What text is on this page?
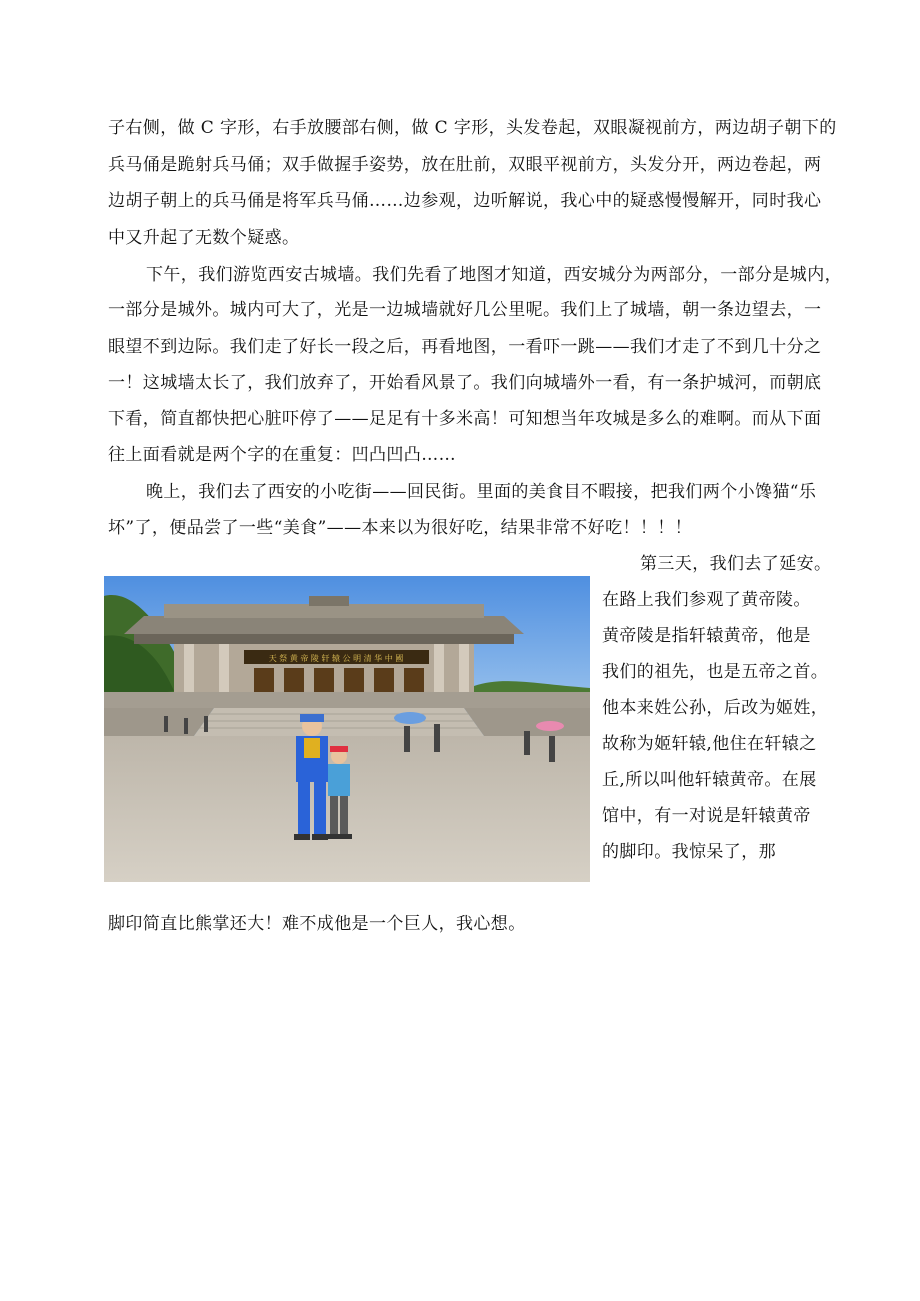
子右侧，做 C 字形，右手放腰部右侧，做 C 字形，头发卷起，双眼凝视前方，两边胡子朝下的
兵马俑是跪射兵马俑；双手做握手姿势，放在肚前，双眼平视前方，头发分开，两边卷起，两
边胡子朝上的兵马俑是将军兵马俑……边参观，边听解说，我心中的疑惑慢慢解开，同时我心
中又升起了无数个疑惑。
下午，我们游览西安古城墙。我们先看了地图才知道，西安城分为两部分，一部分是城内，
一部分是城外。城内可大了，光是一边城墙就好几公里呢。我们上了城墙，朝一条边望去，一
眼望不到边际。我们走了好长一段之后，再看地图，一看吓一跳——我们才走了不到几十分之
一！这城墙太长了，我们放弃了，开始看风景了。我们向城墙外一看，有一条护城河，而朝底
下看，简直都快把心脏吓停了——足足有十多米高！可知想当年攻城是多么的难啊。而从下面
往上面看就是两个字的在重复：凹凸凹凸……
晚上，我们去了西安的小吃街——回民街。里面的美食目不暇接，把我们两个小馋猫“乐
坏”了，便品尝了一些“美食”——本来以为很好吃，结果非常不好吃！！！！
第三天，我们去了延安。
在路上我们参观了黄帝陵。
黄帝陵是指轩辕黄帝，他是
我们的祖先，也是五帝之首。
他本来姓公孙，后改为姬姓，
故称为姬轩辕,他住在轩辕之
丘,所以叫他轩辕黄帝。在展
馆中，有一对说是轩辕黄帝
的脚印。我惊呆了，那
脚印简直比熊掌还大！难不成他是一个巨人，我心想。
天 祭 黄 帝 陵 轩 辕 公 明 清 华 中 國
